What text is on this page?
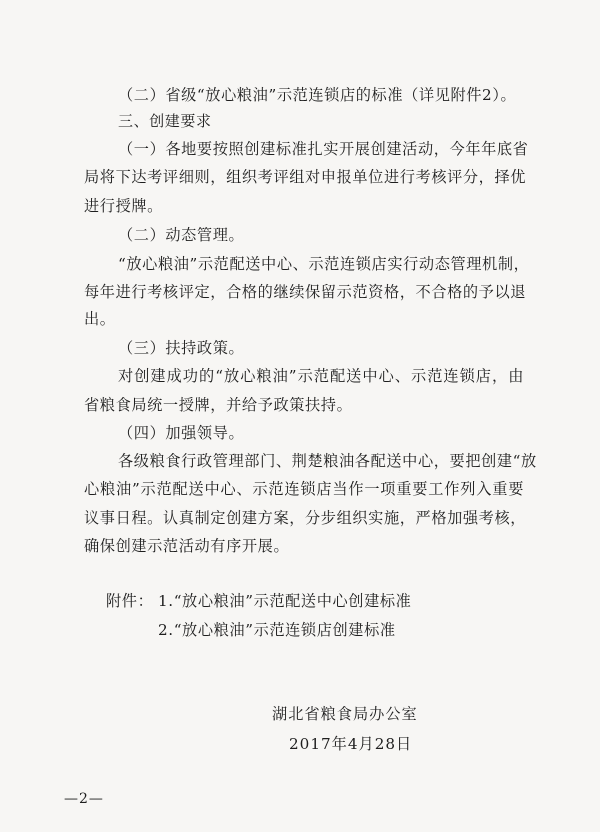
（二）省级“放心粮油”示范连锁店的标准（详见附件2）。
三、创建要求
（一）各地要按照创建标准扎实开展创建活动，今年年底省
局将下达考评细则，组织考评组对申报单位进行考核评分，择优
进行授牌。
（二）动态管理。
“放心粮油”示范配送中心、示范连锁店实行动态管理机制，
每年进行考核评定，合格的继续保留示范资格，不合格的予以退
出。
（三）扶持政策。
对创建成功的“放心粮油”示范配送中心、示范连锁店，由
省粮食局统一授牌，并给予政策扶持。
（四）加强领导。
各级粮食行政管理部门、荆楚粮油各配送中心，要把创建“放
心粮油”示范配送中心、示范连锁店当作一项重要工作列入重要
议事日程。认真制定创建方案，分步组织实施，严格加强考核，
确保创建示范活动有序开展。
附件： 1.“放心粮油”示范配送中心创建标准
2.“放心粮油”示范连锁店创建标准
湖北省粮食局办公室
2017年4月28日
—2—
